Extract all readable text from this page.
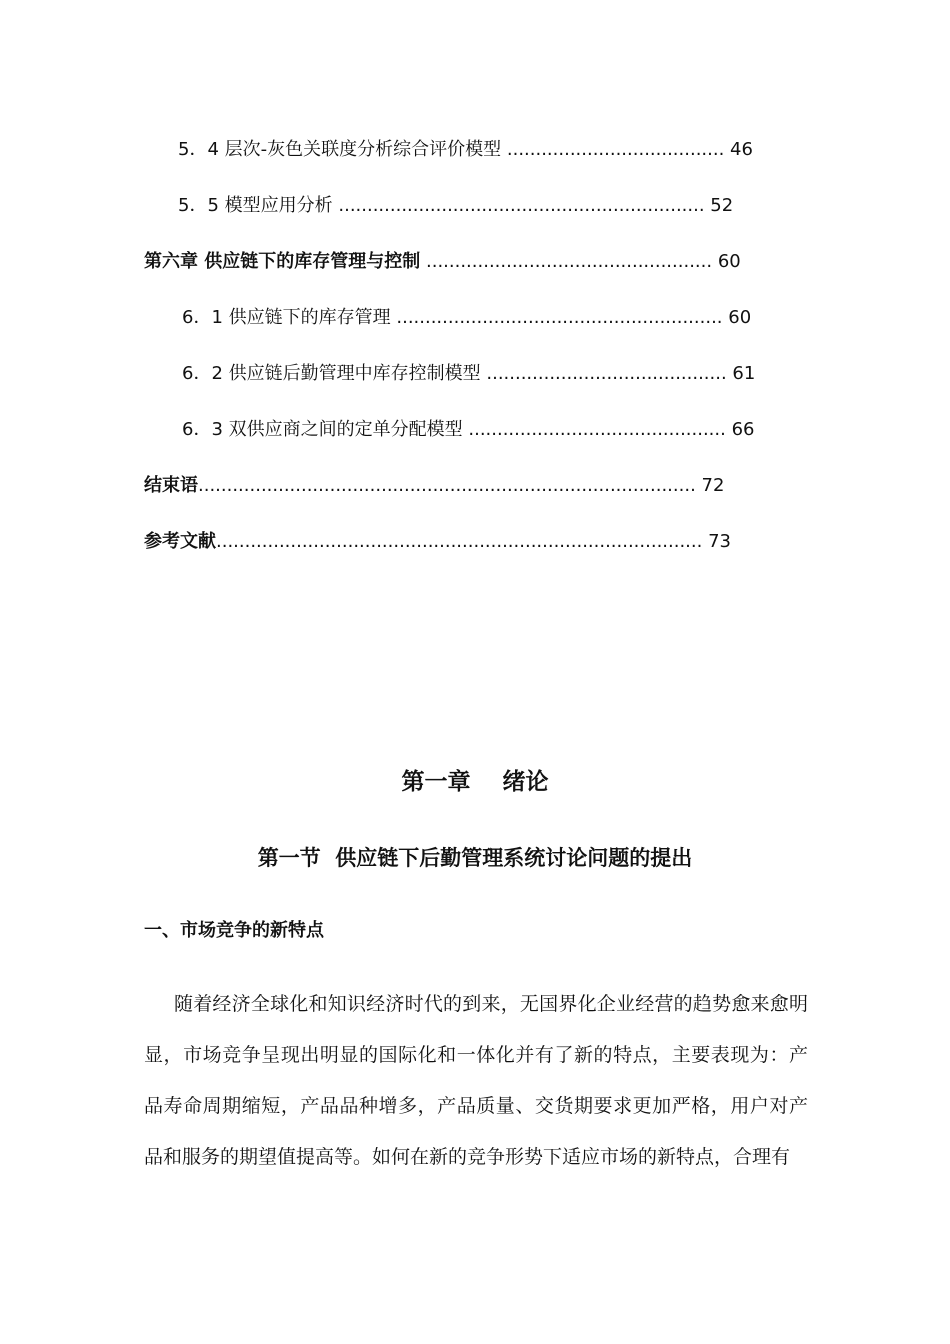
5．4 层次-灰色关联度分析综合评价模型 ...................................... 46
5．5 模型应用分析 ................................................................ 52
第六章 供应链下的库存管理与控制 .................................................. 60
6．1 供应链下的库存管理 ......................................................... 60
6．2 供应链后勤管理中库存控制模型 .......................................... 61
6．3 双供应商之间的定单分配模型 ............................................. 66
结束语....................................................................................... 72
参考文献..................................................................................... 73
第一章    绪论
第一节  供应链下后勤管理系统讨论问题的提出
一、市场竞争的新特点
随着经济全球化和知识经济时代的到来，无国界化企业经营的趋势愈来愈明显，市场竞争呈现出明显的国际化和一体化并有了新的特点，主要表现为：产品寿命周期缩短，产品品种增多，产品质量、交货期要求更加严格，用户对产品和服务的期望值提高等。如何在新的竞争形势下适应市场的新特点，合理有
